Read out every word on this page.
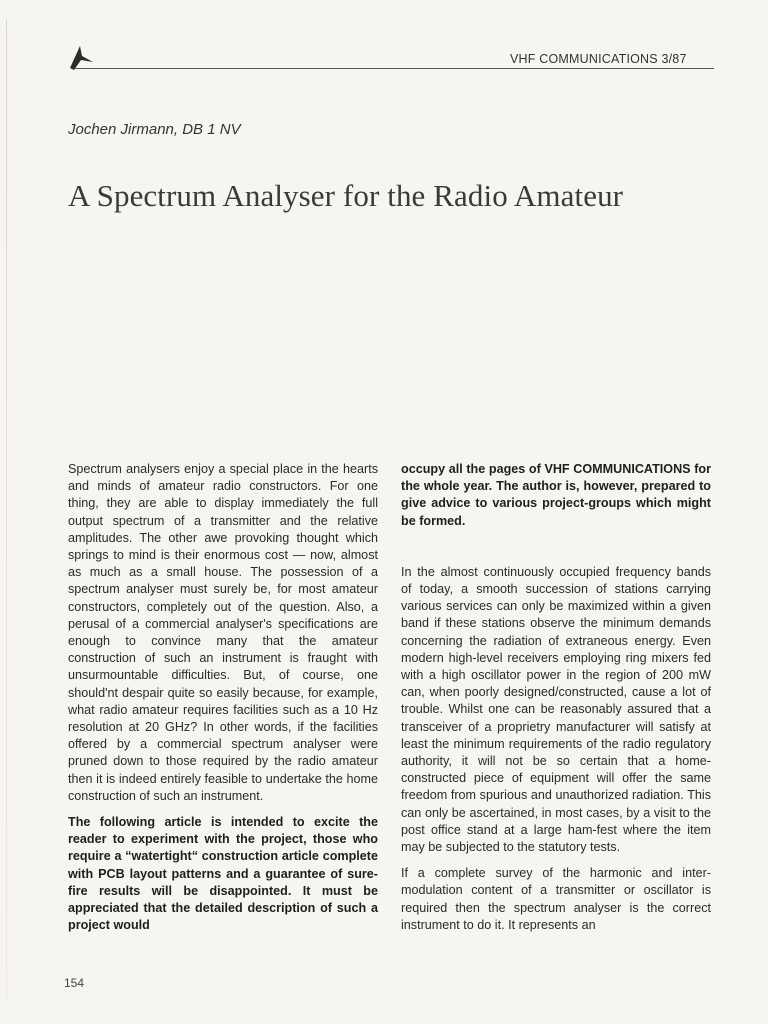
VHF COMMUNICATIONS 3/87
Jochen Jirmann, DB 1 NV
A Spectrum Analyser for the Radio Amateur

Spectrum analysers enjoy a special place in the hearts and minds of amateur radio constructors. For one thing, they are able to display immediately the full output spectrum of a transmitter and the relative amplitudes. The other awe provoking thought which springs to mind is their enormous cost — now, almost as much as a small house. The possession of a spectrum analyser must surely be, for most amateur constructors, completely out of the question. Also, a perusal of a commercial analyser's specifications are enough to convince many that the amateur construction of such an instrument is fraught with unsurmountable difficulties. But, of course, one should'nt despair quite so easily because, for example, what radio amateur requires facilities such as a 10 Hz resolution at 20 GHz? In other words, if the facilities offered by a commercial spectrum analyser were pruned down to those required by the radio amateur then it is indeed entirely feasible to undertake the home construction of such an instrument.

The following article is intended to excite the reader to experiment with the project, those who require a “watertight“ construction article complete with PCB layout patterns and a guarantee of sure-fire results will be disappointed. It must be appreciated that the detailed description of such a project would

occupy all the pages of VHF COMMUNICATIONS for the whole year. The author is, however, prepared to give advice to various project-groups which might be formed.

In the almost continuously occupied frequency bands of today, a smooth succession of stations carrying various services can only be maximized within a given band if these stations observe the minimum demands concerning the radiation of extraneous energy. Even modern high-level receivers employing ring mixers fed with a high oscillator power in the region of 200 mW can, when poorly designed/constructed, cause a lot of trouble. Whilst one can be reasonably assured that a transceiver of a proprietry manufacturer will satisfy at least the minimum requirements of the radio regulatory authority, it will not be so certain that a home-constructed piece of equipment will offer the same freedom from spurious and unauthorized radiation. This can only be ascertained, in most cases, by a visit to the post office stand at a large ham-fest where the item may be subjected to the statutory tests.

If a complete survey of the harmonic and intermodulation content of a transmitter or oscillator is required then the spectrum analyser is the correct instrument to do it. It represents an

154
